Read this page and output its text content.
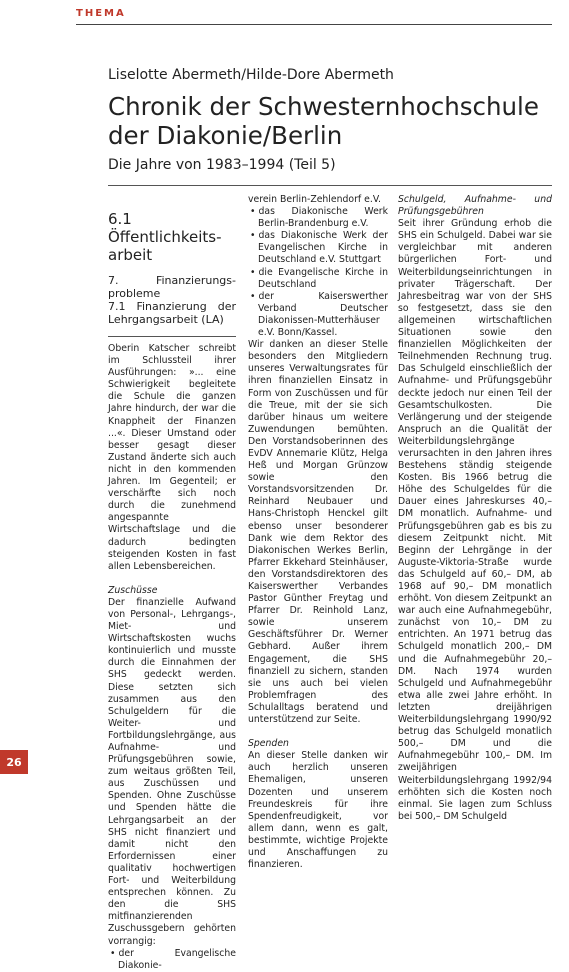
THEMA
Liselotte Abermeth/Hilde-Dore Abermeth
Chronik der Schwesternhochschule der Diakonie/Berlin
Die Jahre von 1983–1994 (Teil 5)
6.1 Öffentlichkeits-arbeit
7. Finanzierungs-probleme
7.1 Finanzierung der Lehrgangsarbeit (LA)

Oberin Katscher schreibt im Schlussteil ihrer Ausführungen: »... eine Schwierigkeit begleitete die Schule die ganzen Jahre hindurch, der war die Knappheit der Finanzen ...«. Dieser Umstand oder besser gesagt dieser Zustand änderte sich auch nicht in den kommenden Jahren. Im Gegenteil; er verschärfte sich noch durch die zunehmend angespannte Wirtschaftslage und die dadurch bedingten steigenden Kosten in fast allen Lebensbereichen.

Zuschüsse

Der finanzielle Aufwand von Personal-, Lehrgangs-, Miet- und Wirtschaftskosten wuchs kontinuierlich und musste durch die Einnahmen der SHS gedeckt werden. Diese setzten sich zusammen aus den Schulgeldern für die Weiter- und Fortbildungslehrgänge, aus Aufnahme- und Prüfungsgebühren sowie, zum weitaus größten Teil, aus Zuschüssen und Spenden. Ohne Zuschüsse und Spenden hätte die Lehrgangsarbeit an der SHS nicht finanziert und damit nicht den Erfordernissen einer qualitativ hochwertigen Fort- und Weiterbildung entsprechen können. Zu den die SHS mitfinanzierenden Zuschussgebern gehörten vorrangig:

• der Evangelische Diakonie-

verein Berlin-Zehlendorf e.V.

• das Diakonische Werk Berlin-Brandenburg e.V.
• das Diakonische Werk der Evangelischen Kirche in Deutschland e.V. Stuttgart
• die Evangelische Kirche in Deutschland
• der Kaiserswerther Verband Deutscher Diakonissen-Mutterhäuser e.V. Bonn/Kassel.

Wir danken an dieser Stelle besonders den Mitgliedern unseres Verwaltungsrates für ihren finanziellen Einsatz in Form von Zuschüssen und für die Treue, mit der sie sich darüber hinaus um weitere Zuwendungen bemühten. Den Vorstandsoberinnen des EvDV Annemarie Klütz, Helga Heß und Morgan Grünzow sowie den Vorstandsvorsitzenden Dr. Reinhard Neubauer und Hans-Christoph Henckel gilt ebenso unser besonderer Dank wie dem Rektor des Diakonischen Werkes Berlin, Pfarrer Ekkehard Steinhäuser, den Vorstandsdirektoren des Kaiserswerther Verbandes Pastor Günther Freytag und Pfarrer Dr. Reinhold Lanz, sowie unserem Geschäftsführer Dr. Werner Gebhard. Außer ihrem Engagement, die SHS finanziell zu sichern, standen sie uns auch bei vielen Problemfragen des Schulalltags beratend und unterstützend zur Seite.

Spenden

An dieser Stelle danken wir auch herzlich unseren Ehemaligen, unseren Dozenten und unserem Freundeskreis für ihre Spendenfreudigkeit, vor allem dann, wenn es galt, bestimmte, wichtige Projekte und Anschaffungen zu finanzieren.

Schulgeld, Aufnahme- und Prüfungsgebühren

Seit ihrer Gründung erhob die SHS ein Schulgeld. Dabei war sie vergleichbar mit anderen bürgerlichen Fort- und Weiterbildungseinrichtungen in privater Trägerschaft. Der Jahresbeitrag war von der SHS so festgesetzt, dass sie den allgemeinen wirtschaftlichen Situationen sowie den finanziellen Möglichkeiten der Teilnehmenden Rechnung trug. Das Schulgeld einschließlich der Aufnahme- und Prüfungsgebühr deckte jedoch nur einen Teil der Gesamtschulkosten. Die Verlängerung und der steigende Anspruch an die Qualität der Weiterbildungslehrgänge verursachten in den Jahren ihres Bestehens ständig steigende Kosten. Bis 1966 betrug die Höhe des Schulgeldes für die Dauer eines Jahreskurses 40,– DM monatlich. Aufnahme- und Prüfungsgebühren gab es bis zu diesem Zeitpunkt nicht. Mit Beginn der Lehrgänge in der Auguste-Viktoria-Straße wurde das Schulgeld auf 60,– DM, ab 1968 auf 90,– DM monatlich erhöht. Von diesem Zeitpunkt an war auch eine Aufnahmegebühr, zunächst von 10,– DM zu entrichten. An 1971 betrug das Schulgeld monatlich 200,– DM und die Aufnahmegebühr 20,– DM. Nach 1974 wurden Schulgeld und Aufnahmegebühr etwa alle zwei Jahre erhöht. In letzten dreijährigen Weiterbildungslehrgang 1990/92 betrug das Schulgeld monatlich 500,– DM und die Aufnahmegebühr 100,– DM. Im zweijährigen Weiterbildungslehrgang 1992/94 erhöhten sich die Kosten noch einmal. Sie lagen zum Schluss bei 500,– DM Schulgeld

26
